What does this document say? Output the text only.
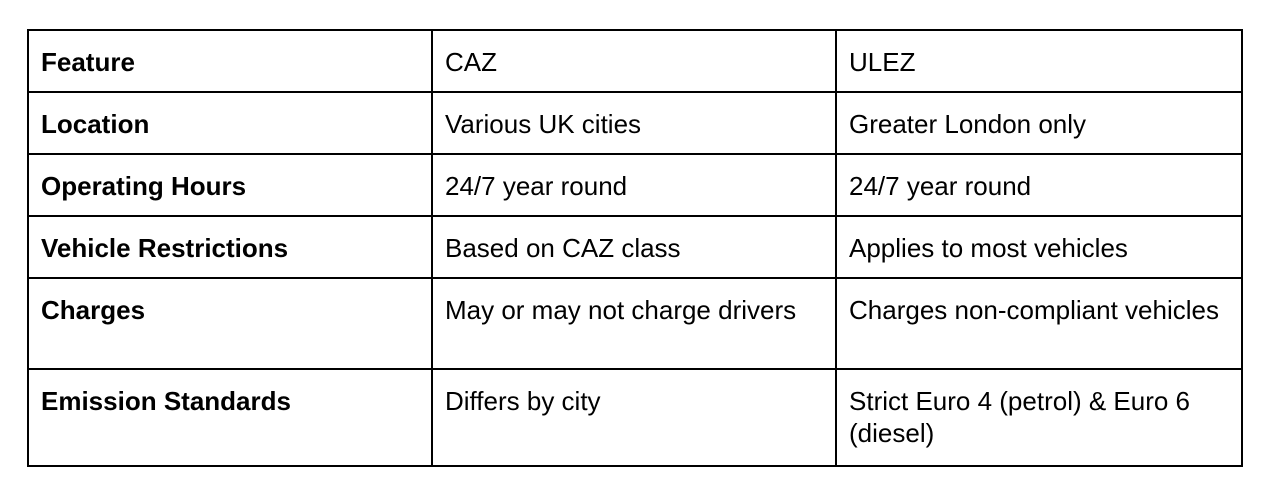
Feature	CAZ	ULEZ
Location	Various UK cities	Greater London only
Operating Hours	24/7 year round	24/7 year round
Vehicle Restrictions	Based on CAZ class	Applies to most vehicles
Charges	May or may not charge drivers	Charges non-compliant vehicles
Emission Standards	Differs by city	Strict Euro 4 (petrol) & Euro 6 (diesel)
